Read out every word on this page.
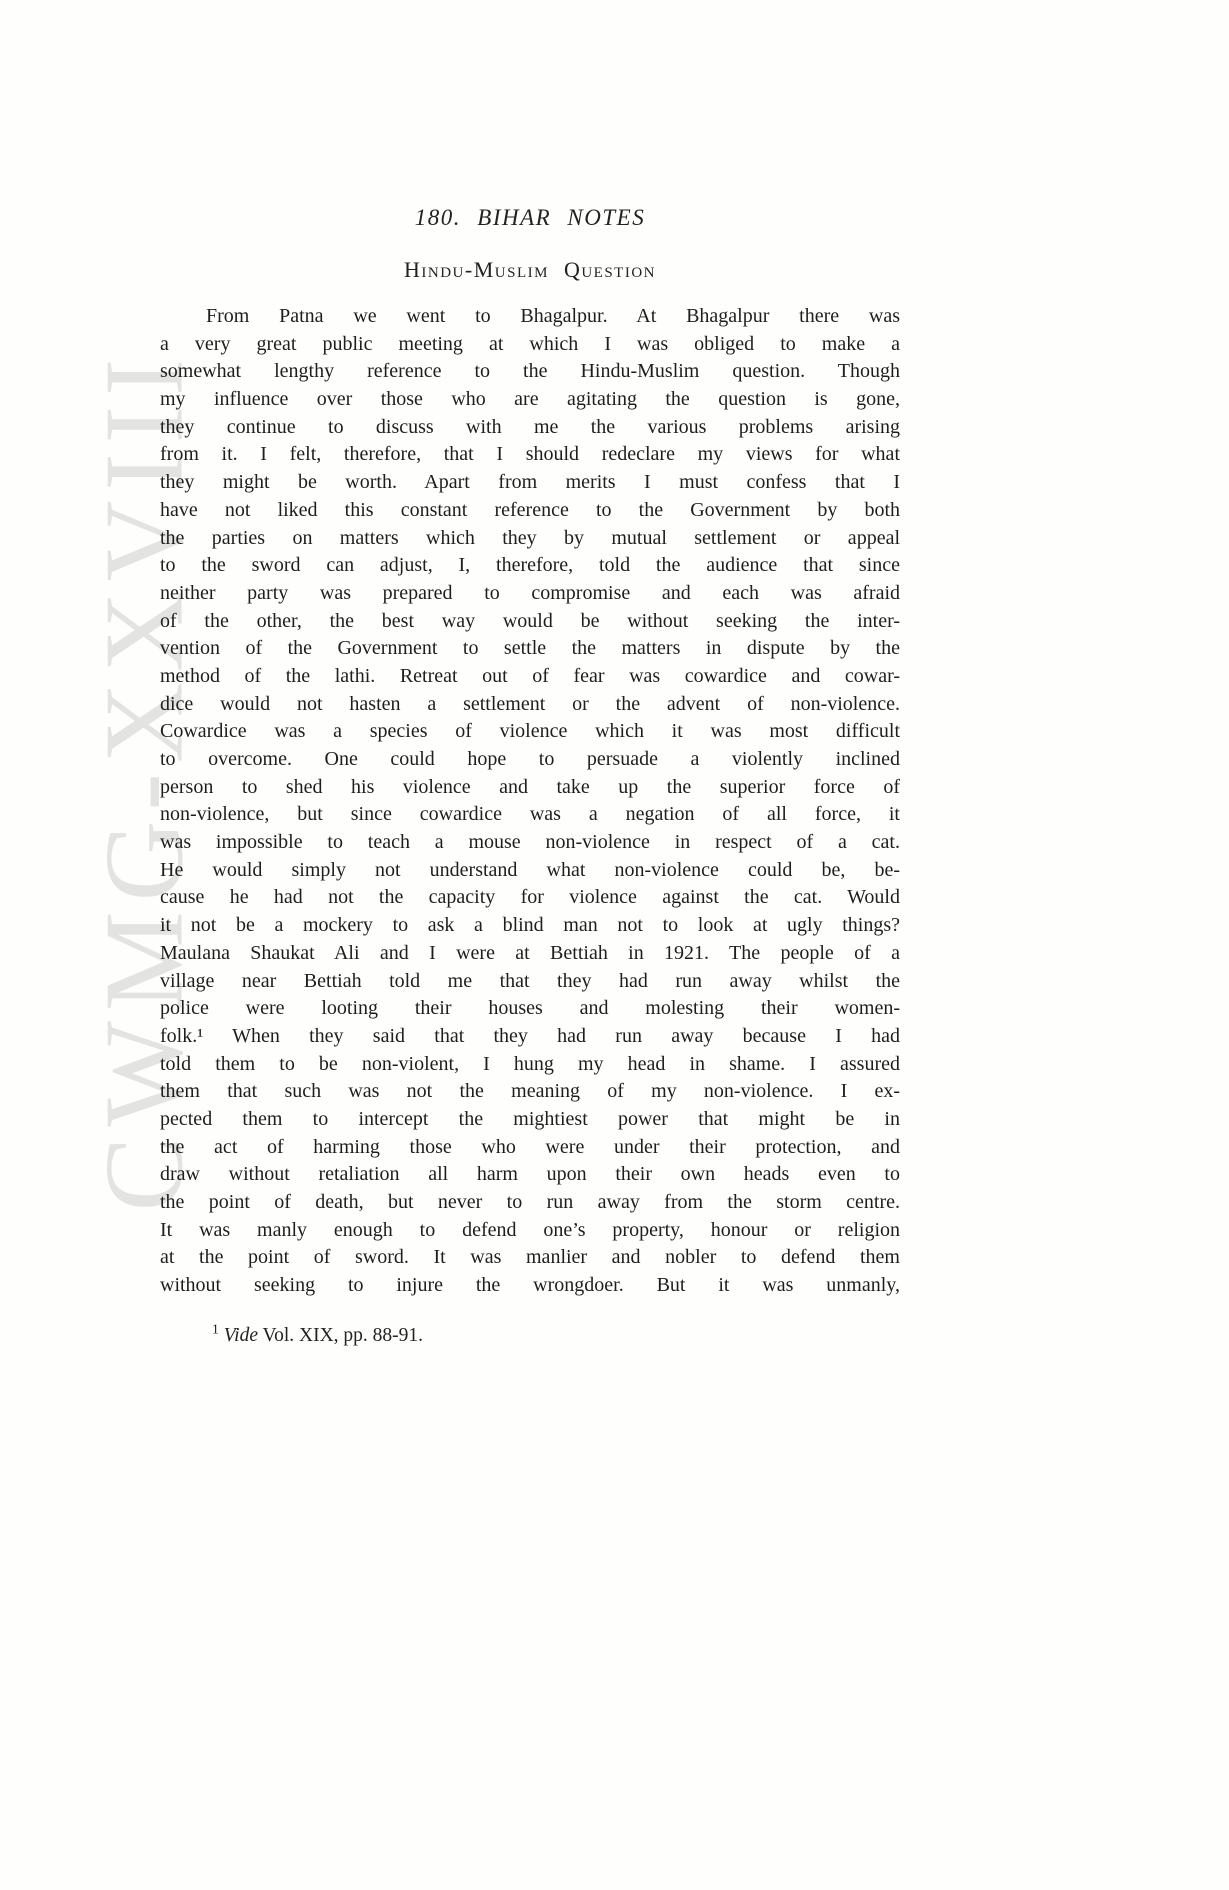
CWMG-XXVIII
180. BIHAR NOTES
Hindu-Muslim Question
From Patna we went to Bhagalpur. At Bhagalpur there was
a very great public meeting at which I was obliged to make a
somewhat lengthy reference to the Hindu-Muslim question. Though
my influence over those who are agitating the question is gone,
they continue to discuss with me the various problems arising
from it. I felt, therefore, that I should redeclare my views for what
they might be worth. Apart from merits I must confess that I
have not liked this constant reference to the Government by both
the parties on matters which they by mutual settlement or appeal
to the sword can adjust, I, therefore, told the audience that since
neither party was prepared to compromise and each was afraid
of the other, the best way would be without seeking the inter-
vention of the Government to settle the matters in dispute by the
method of the lathi. Retreat out of fear was cowardice and cowar-
dice would not hasten a settlement or the advent of non-violence.
Cowardice was a species of violence which it was most difficult
to overcome. One could hope to persuade a violently inclined
person to shed his violence and take up the superior force of
non-violence, but since cowardice was a negation of all force, it
was impossible to teach a mouse non-violence in respect of a cat.
He would simply not understand what non-violence could be, be-
cause he had not the capacity for violence against the cat. Would
it not be a mockery to ask a blind man not to look at ugly things?
Maulana Shaukat Ali and I were at Bettiah in 1921. The people of a
village near Bettiah told me that they had run away whilst the
police were looting their houses and molesting their women-
folk.¹ When they said that they had run away because I had
told them to be non-violent, I hung my head in shame. I assured
them that such was not the meaning of my non-violence. I ex-
pected them to intercept the mightiest power that might be in
the act of harming those who were under their protection, and
draw without retaliation all harm upon their own heads even to
the point of death, but never to run away from the storm centre.
It was manly enough to defend one’s property, honour or religion
at the point of sword. It was manlier and nobler to defend them
without seeking to injure the wrongdoer. But it was unmanly,

$^1$ Vide Vol. XIX, pp. 88-91.
